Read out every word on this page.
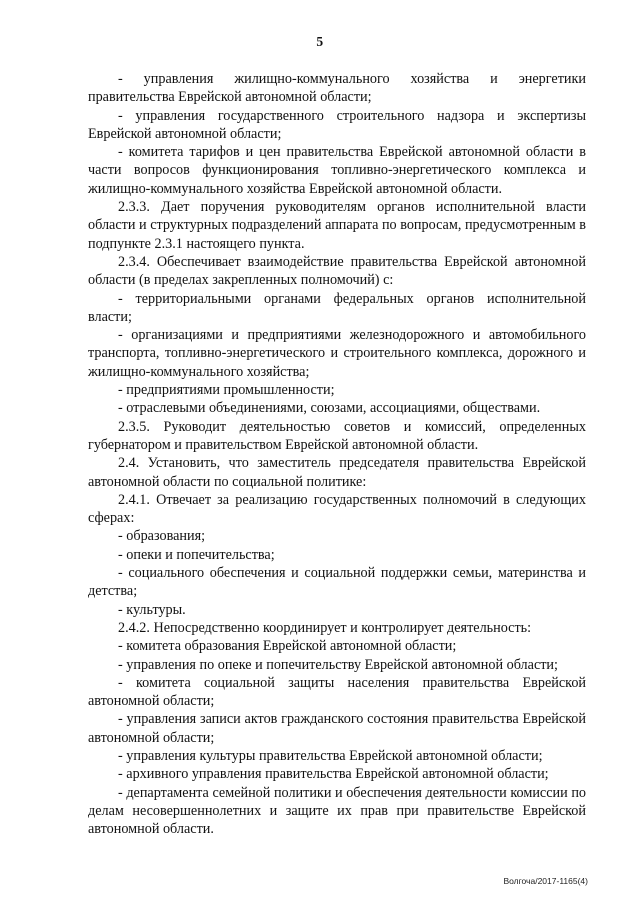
5

- управления жилищно-коммунального хозяйства и энергетики правительства Еврейской автономной области;

- управления государственного строительного надзора и экспертизы Еврейской автономной области;

- комитета тарифов и цен правительства Еврейской автономной области в части вопросов функционирования топливно-энергетического комплекса и жилищно-коммунального хозяйства Еврейской автономной области.

2.3.3. Дает поручения руководителям органов исполнительной власти области и структурных подразделений аппарата по вопросам, предусмотренным в подпункте 2.3.1 настоящего пункта.

2.3.4. Обеспечивает взаимодействие правительства Еврейской автономной области (в пределах закрепленных полномочий) с:

- территориальными органами федеральных органов исполнительной власти;

- организациями и предприятиями железнодорожного и автомобильного транспорта, топливно-энергетического и строительного комплекса, дорожного и жилищно-коммунального хозяйства;

- предприятиями промышленности;

- отраслевыми объединениями, союзами, ассоциациями, обществами.

2.3.5. Руководит деятельностью советов и комиссий, определенных губернатором и правительством Еврейской автономной области.

2.4. Установить, что заместитель председателя правительства Еврейской автономной области по социальной политике:

2.4.1. Отвечает за реализацию государственных полномочий в следующих сферах:

- образования;

- опеки и попечительства;

- социального обеспечения и социальной поддержки семьи, материнства и детства;

- культуры.

2.4.2. Непосредственно координирует и контролирует деятельность:

- комитета образования Еврейской автономной области;

- управления по опеке и попечительству Еврейской автономной области;

- комитета социальной защиты населения правительства Еврейской автономной области;

- управления записи актов гражданского состояния правительства Еврейской автономной области;

- управления культуры правительства Еврейской автономной области;

- архивного управления правительства Еврейской автономной области;

- департамента семейной политики и обеспечения деятельности комиссии по делам несовершеннолетних и защите их прав при правительстве Еврейской автономной области.

Волгоча/2017-1165(4)
